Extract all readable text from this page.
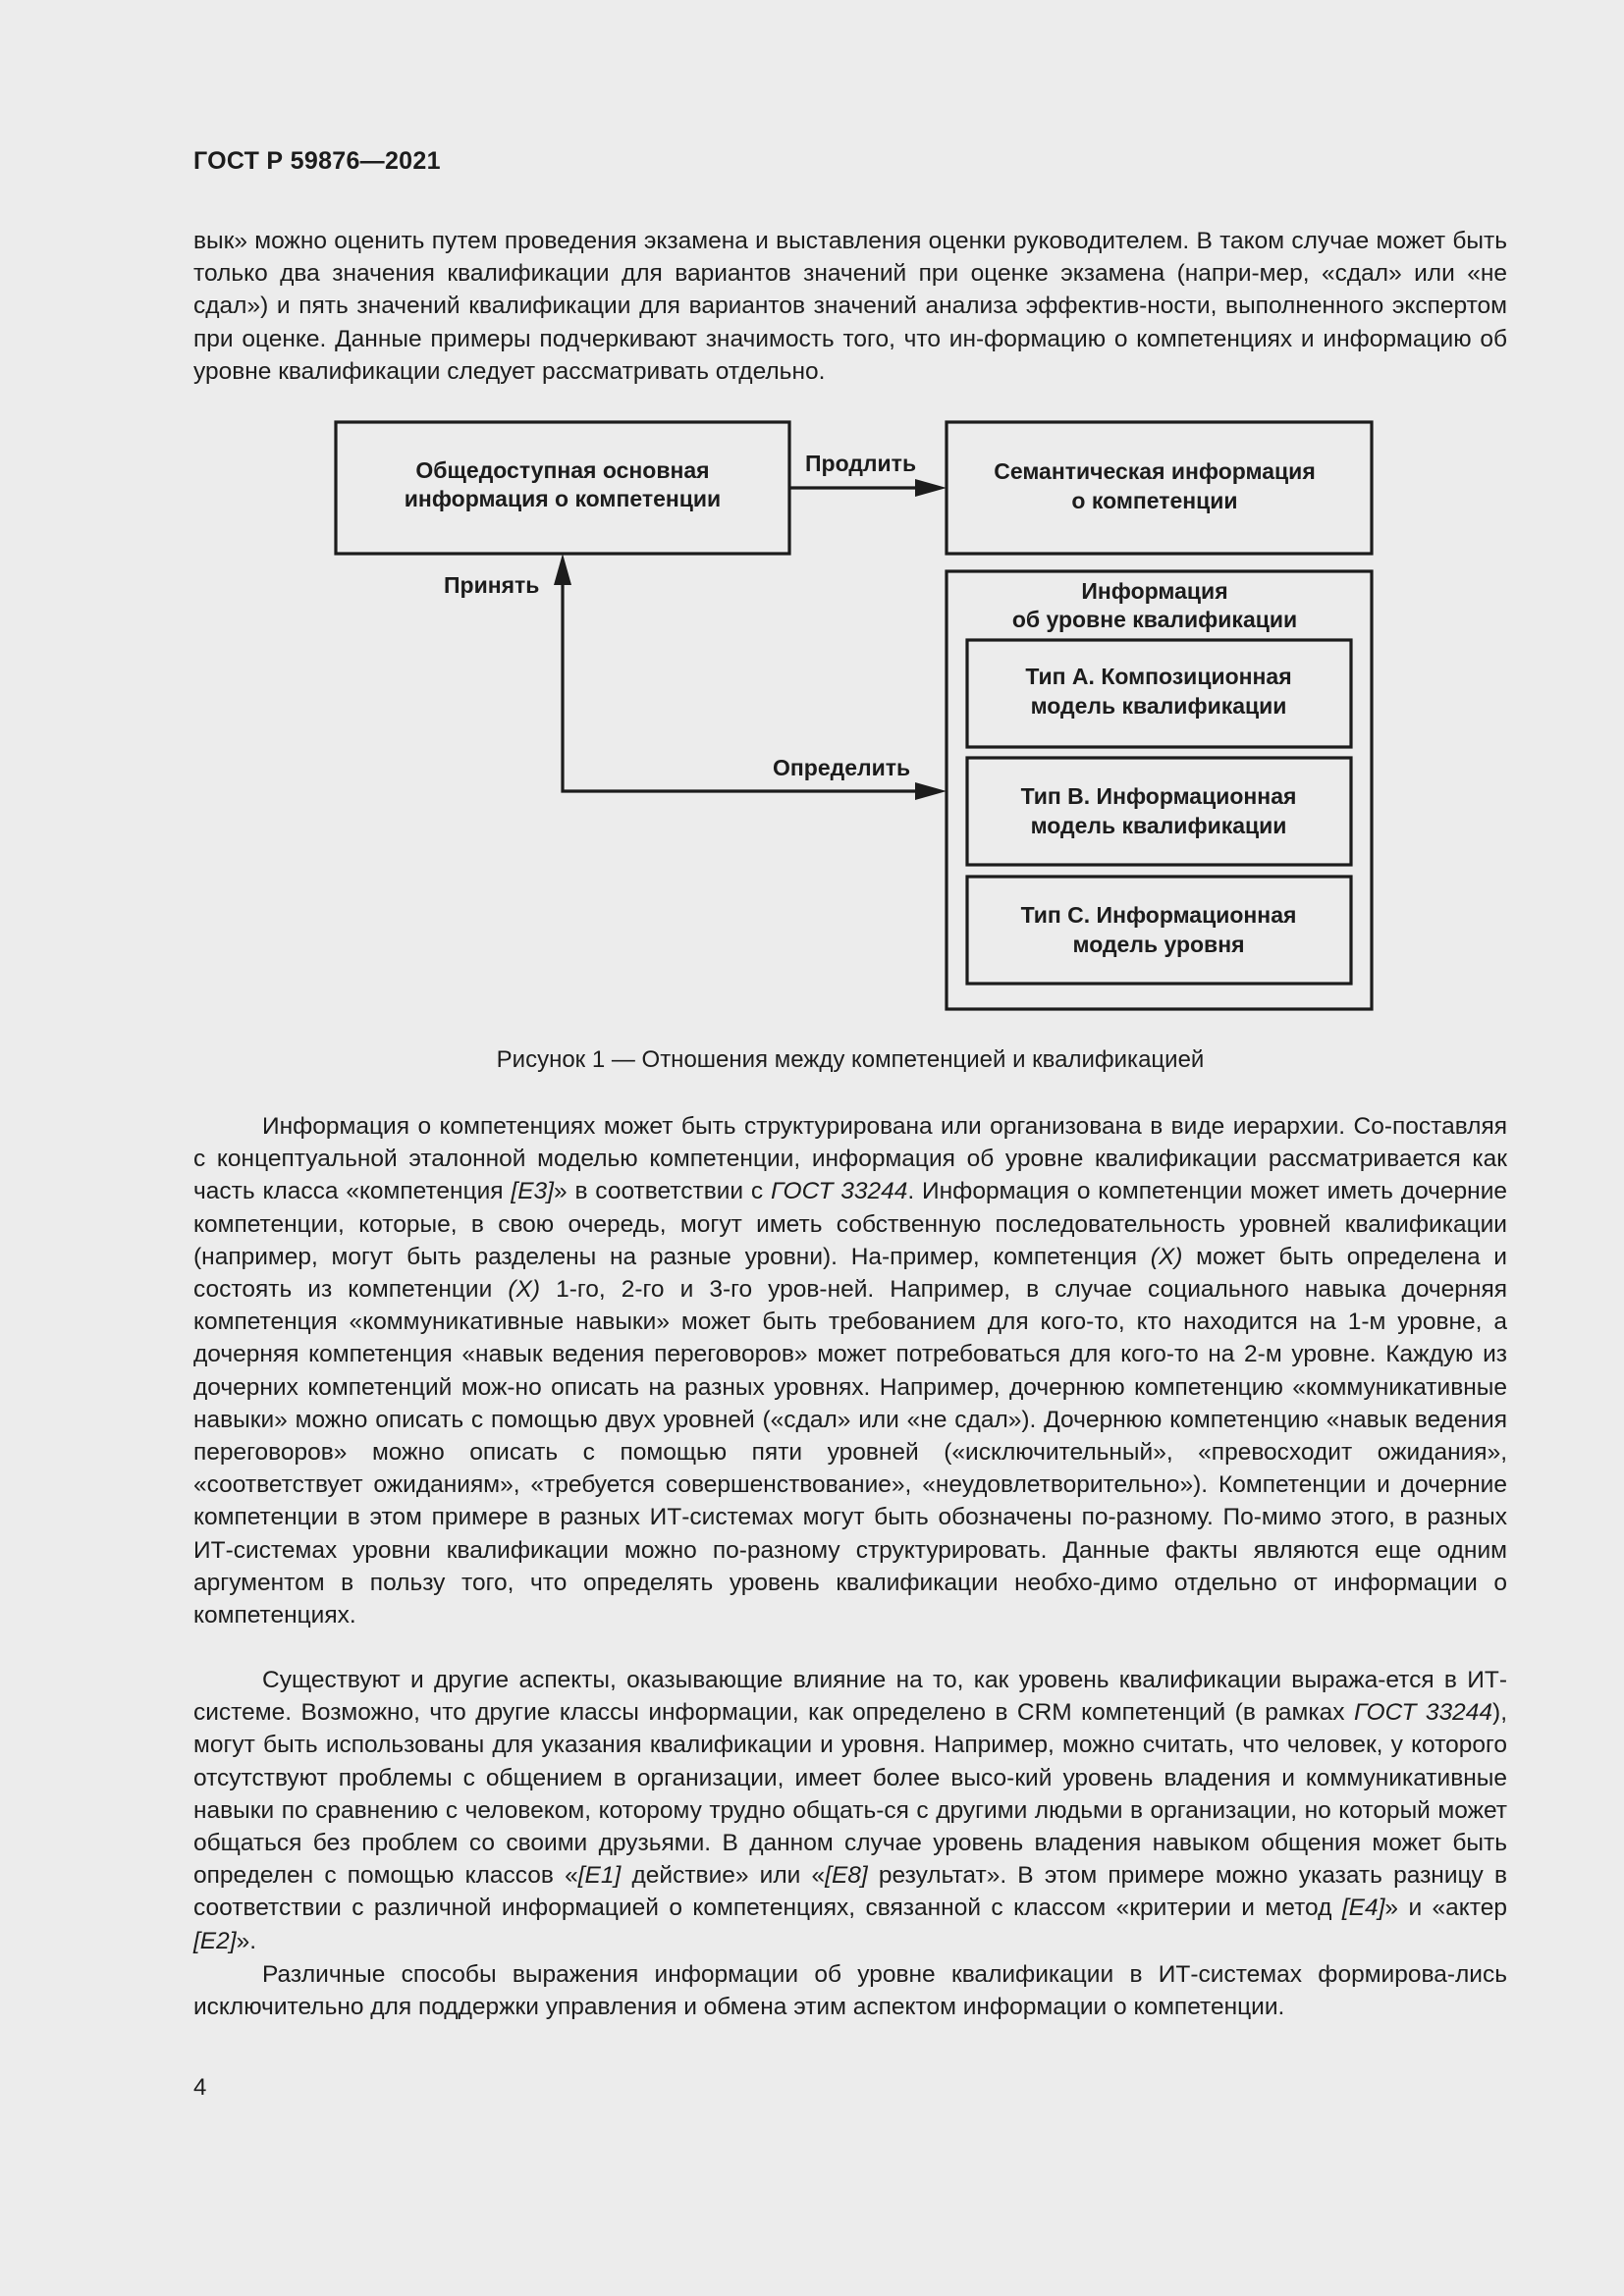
ГОСТ Р 59876—2021

вык» можно оценить путем проведения экзамена и выставления оценки руководителем. В таком случае может быть только два значения квалификации для вариантов значений при оценке экзамена (напри-мер, «сдал» или «не сдал») и пять значений квалификации для вариантов значений анализа эффектив-ности, выполненного экспертом при оценке. Данные примеры подчеркивают значимость того, что ин-формацию о компетенциях и информацию об уровне квалификации следует рассматривать отдельно.

Общедоступная основная
информация о компетенции
Семантическая информация
о компетенции
Информация
об уровне квалификации
Тип А. Композиционная
модель квалификации
Тип В. Информационная
модель квалификации
Тип С. Информационная
модель уровня
Продлить
Принять
Определить
Рисунок 1 — Отношения между компетенцией и квалификацией

Информация о компетенциях может быть структурирована или организована в виде иерархии. Со-поставляя с концептуальной эталонной моделью компетенции, информация об уровне квалификации рассматривается как часть класса «компетенция [E3]» в соответствии с ГОСТ 33244. Информация о компетенции может иметь дочерние компетенции, которые, в свою очередь, могут иметь собственную последовательность уровней квалификации (например, могут быть разделены на разные уровни). На-пример, компетенция (X) может быть определена и состоять из компетенции (X) 1-го, 2-го и 3-го уров-ней. Например, в случае социального навыка дочерняя компетенция «коммуникативные навыки» может быть требованием для кого-то, кто находится на 1-м уровне, а дочерняя компетенция «навык ведения переговоров» может потребоваться для кого-то на 2-м уровне. Каждую из дочерних компетенций мож-но описать на разных уровнях. Например, дочернюю компетенцию «коммуникативные навыки» можно описать с помощью двух уровней («сдал» или «не сдал»). Дочернюю компетенцию «навык ведения переговоров» можно описать с помощью пяти уровней («исключительный», «превосходит ожидания», «соответствует ожиданиям», «требуется совершенствование», «неудовлетворительно»). Компетенции и дочерние компетенции в этом примере в разных ИТ-системах могут быть обозначены по-разному. По-мимо этого, в разных ИТ-системах уровни квалификации можно по-разному структурировать. Данные факты являются еще одним аргументом в пользу того, что определять уровень квалификации необхо-димо отдельно от информации о компетенциях.

Существуют и другие аспекты, оказывающие влияние на то, как уровень квалификации выража-ется в ИТ-системе. Возможно, что другие классы информации, как определено в CRM компетенций (в рамках ГОСТ 33244), могут быть использованы для указания квалификации и уровня. Например, можно считать, что человек, у которого отсутствуют проблемы с общением в организации, имеет более высо-кий уровень владения и коммуникативные навыки по сравнению с человеком, которому трудно общать-ся с другими людьми в организации, но который может общаться без проблем со своими друзьями. В данном случае уровень владения навыком общения может быть определен с помощью классов «[E1] действие» или «[E8] результат». В этом примере можно указать разницу в соответствии с различной информацией о компетенциях, связанной с классом «критерии и метод [E4]» и «актер [E2]».

Различные способы выражения информации об уровне квалификации в ИТ-системах формирова-лись исключительно для поддержки управления и обмена этим аспектом информации о компетенции.

4
